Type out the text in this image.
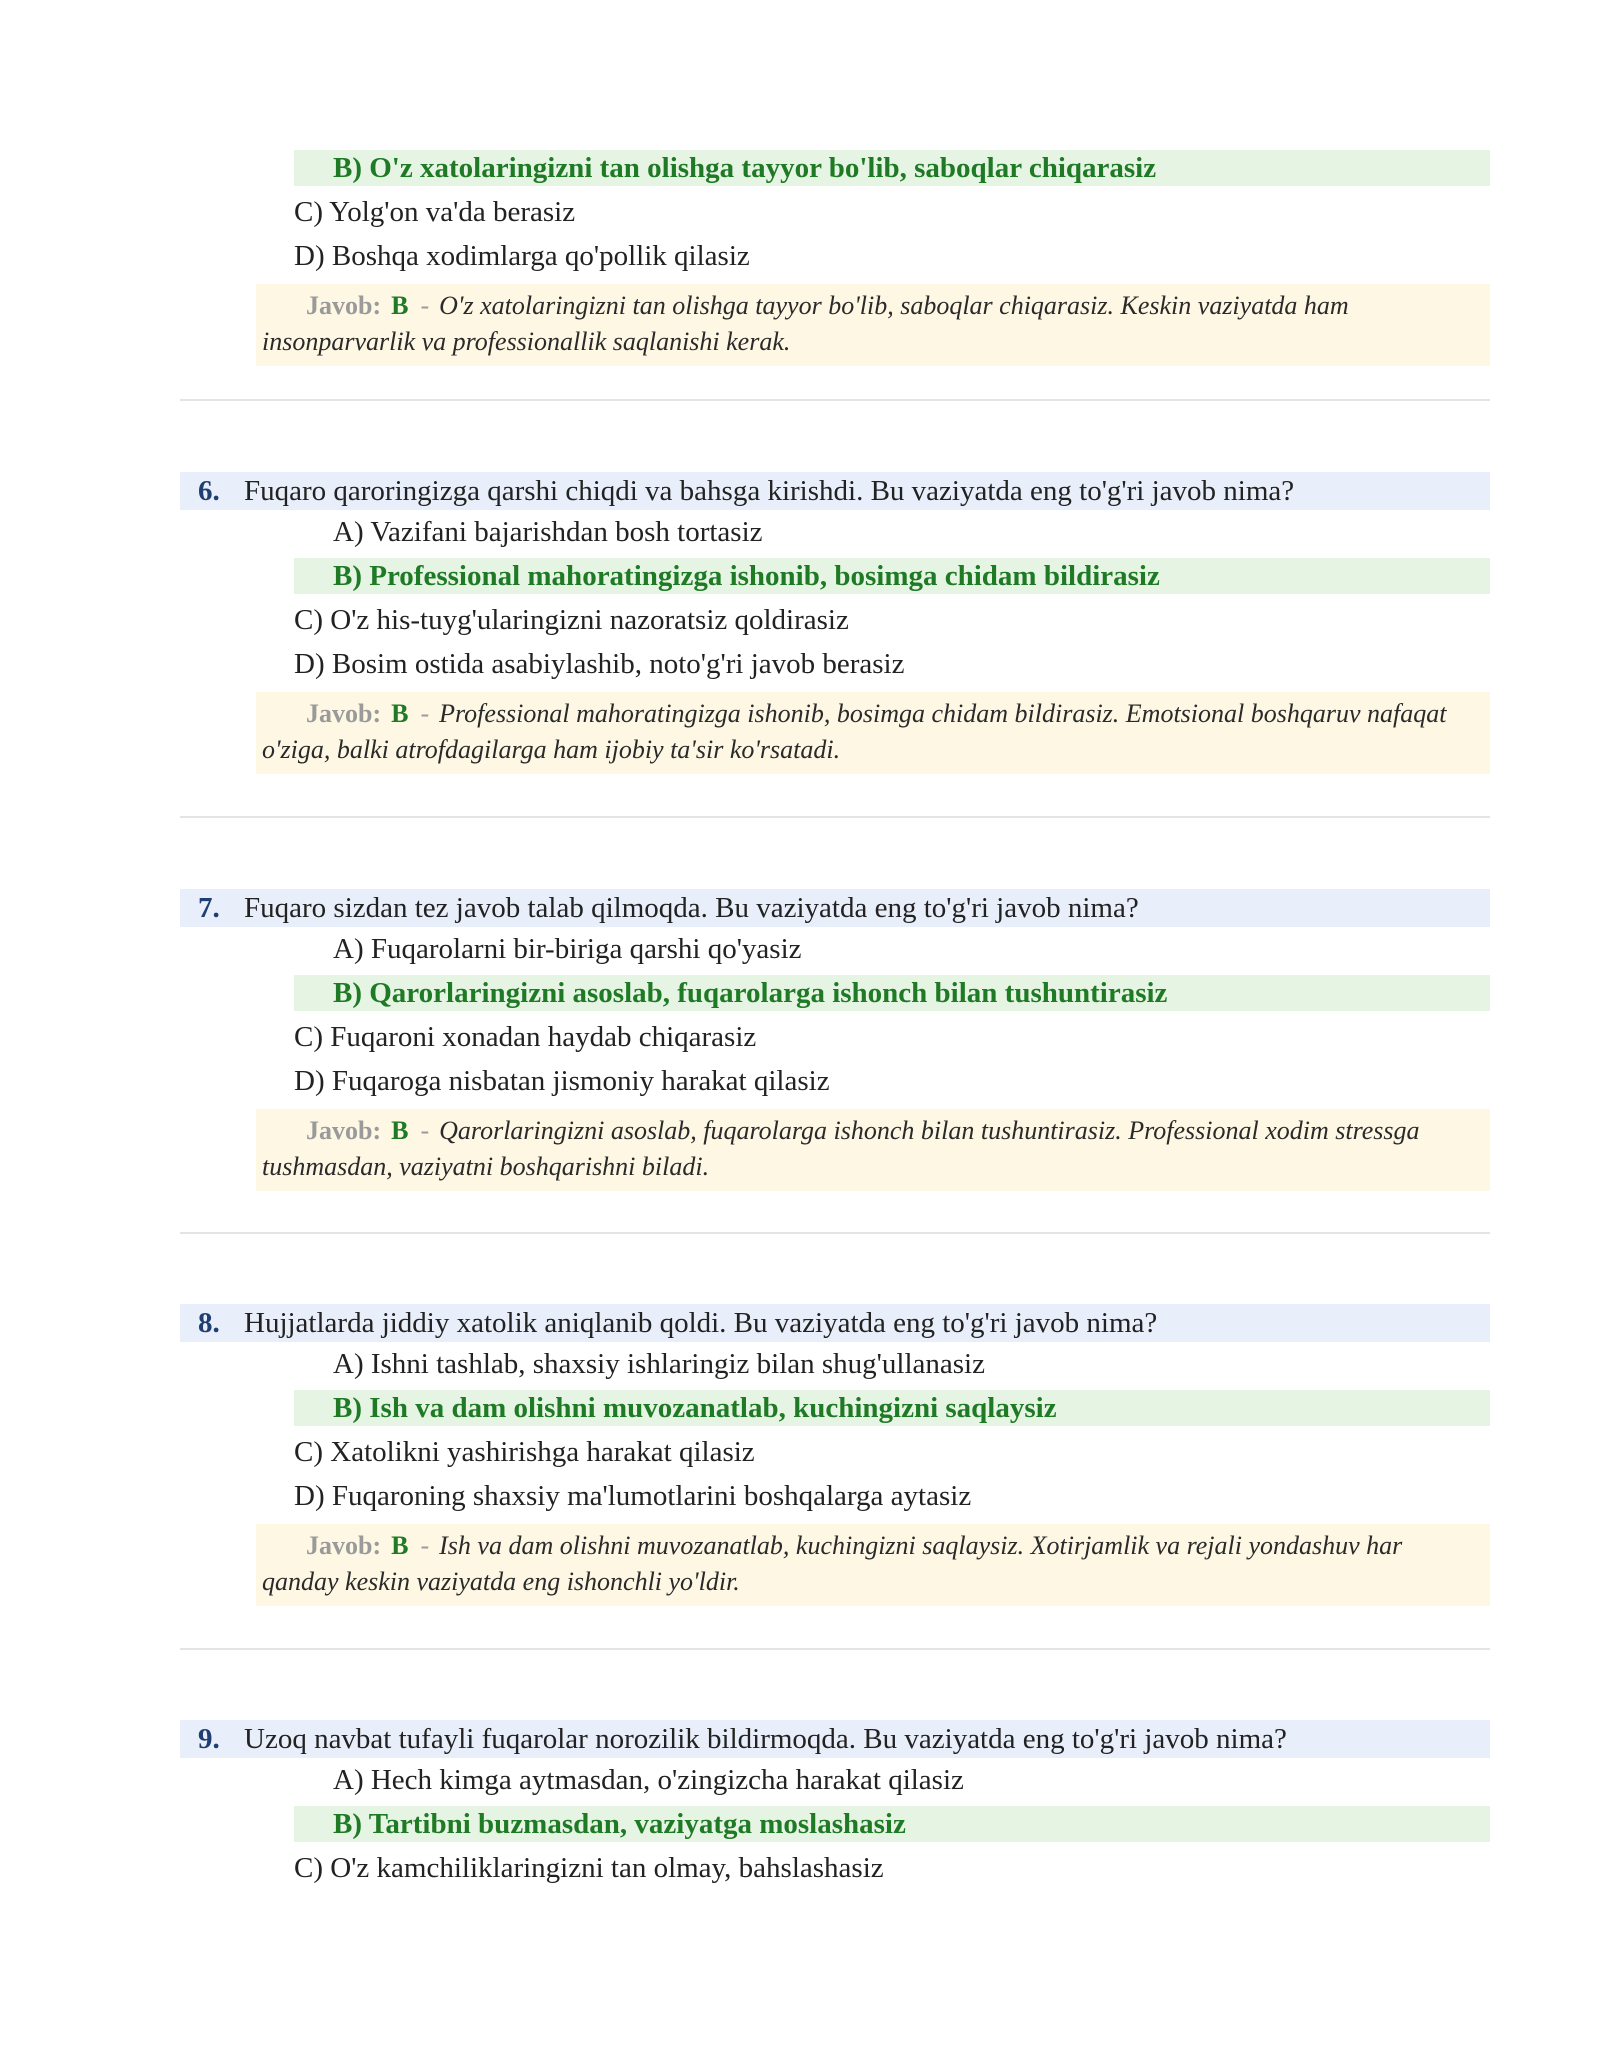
B) O'z xatolaringizni tan olishga tayyor bo'lib, saboqlar chiqarasiz
C) Yolg'on va'da berasiz
D) Boshqa xodimlarga qo'pollik qilasiz
Javob: B - O'z xatolaringizni tan olishga tayyor bo'lib, saboqlar chiqarasiz. Keskin vaziyatda ham insonparvarlik va professionallik saqlanishi kerak.
6. Fuqaro qaroringizga qarshi chiqdi va bahsga kirishdi. Bu vaziyatda eng to'g'ri javob nima?
A) Vazifani bajarishdan bosh tortasiz
B) Professional mahoratingizga ishonib, bosimga chidam bildirasiz
C) O'z his-tuyg'ularingizni nazoratsiz qoldirasiz
D) Bosim ostida asabiylashib, noto'g'ri javob berasiz
Javob: B - Professional mahoratingizga ishonib, bosimga chidam bildirasiz. Emotsional boshqaruv nafaqat o'ziga, balki atrofdagilarga ham ijobiy ta'sir ko'rsatadi.
7. Fuqaro sizdan tez javob talab qilmoqda. Bu vaziyatda eng to'g'ri javob nima?
A) Fuqarolarni bir-biriga qarshi qo'yasiz
B) Qarorlaringizni asoslab, fuqarolarga ishonch bilan tushuntirasiz
C) Fuqaroni xonadan haydab chiqarasiz
D) Fuqaroga nisbatan jismoniy harakat qilasiz
Javob: B - Qarorlaringizni asoslab, fuqarolarga ishonch bilan tushuntirasiz. Professional xodim stressga tushmasdan, vaziyatni boshqarishni biladi.
8. Hujjatlarda jiddiy xatolik aniqlanib qoldi. Bu vaziyatda eng to'g'ri javob nima?
A) Ishni tashlab, shaxsiy ishlaringiz bilan shug'ullanasiz
B) Ish va dam olishni muvozanatlab, kuchingizni saqlaysiz
C) Xatolikni yashirishga harakat qilasiz
D) Fuqaroning shaxsiy ma'lumotlarini boshqalarga aytasiz
Javob: B - Ish va dam olishni muvozanatlab, kuchingizni saqlaysiz. Xotirjamlik va rejali yondashuv har qanday keskin vaziyatda eng ishonchli yo'ldir.
9. Uzoq navbat tufayli fuqarolar norozilik bildirmoqda. Bu vaziyatda eng to'g'ri javob nima?
A) Hech kimga aytmasdan, o'zingizcha harakat qilasiz
B) Tartibni buzmasdan, vaziyatga moslashasiz
C) O'z kamchiliklaringizni tan olmay, bahslashasiz
